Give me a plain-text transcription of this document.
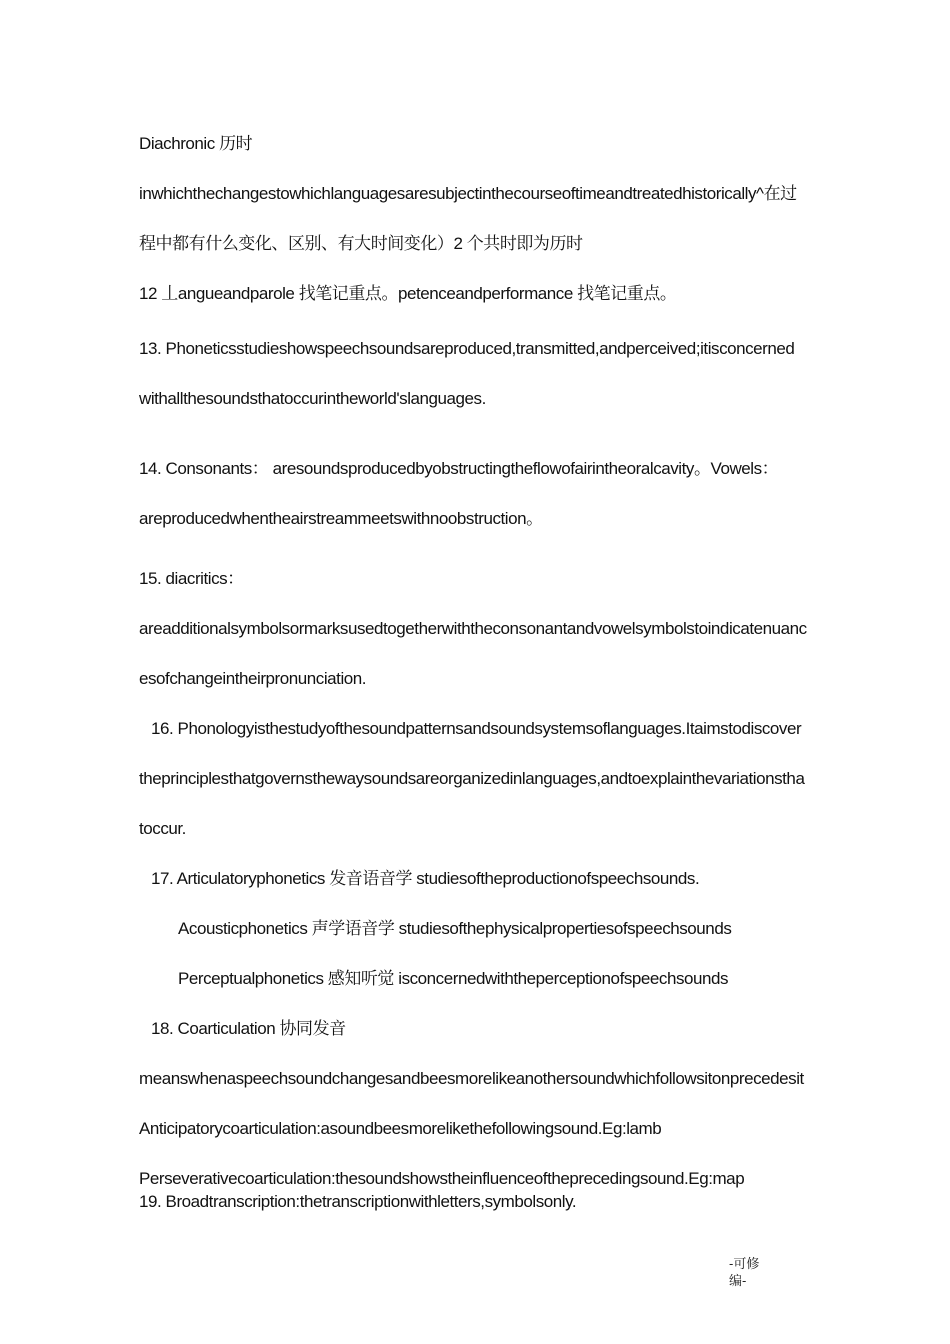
Diachronic 历时
inwhichthechangestowhichlanguagesaresubjectinthecourseoftimeandtreatedhistorically^在过
程中都有什么变化、区别、有大时间变化）2 个共时即为历时
12 丄angueandparole 找笔记重点。petenceandperformance 找笔记重点。
13. Phoneticsstudieshowspeechsoundsareproduced,transmitted,andperceived;itisconcerned
withallthesoundsthatoccurintheworld'slanguages.
14. Consonants： aresoundsproducedbyobstructingtheflowofairintheoralcavity。Vowels：
areproducedwhentheairstreammeetswithnoobstruction。
15. diacritics：
areadditionalsymbolsormarksusedtogetherwiththeconsonantandvowelsymbolstoindicatenuanc
esofchangeintheirpronunciation.
16. Phonologyisthestudyofthesoundpatternsandsoundsystemsoflanguages.Itaimstodiscover
theprinciplesthatgovernsthewaysoundsareorganizedinlanguages,andtoexplainthevariationstha
toccur.
17. Articulatoryphonetics 发音语音学 studiesoftheproductionofspeechsounds.
Acousticphonetics 声学语音学 studiesofthephysicalpropertiesofspeechsounds
Perceptualphonetics 感知听觉 isconcernedwiththeperceptionofspeechsounds
18. Coarticulation 协同发音
meanswhenaspeechsoundchangesandbeesmorelikeanothersoundwhichfollowsitonprecedesit
Anticipatorycoarticulation:asoundbeesmorelikethefollowingsound.Eg:lamb
Perseverativecoarticulation:thesoundshowstheinfluenceoftheprecedingsound.Eg:map
19. Broadtranscription:thetranscriptionwithletters,symbolsonly.
-可修
编-
